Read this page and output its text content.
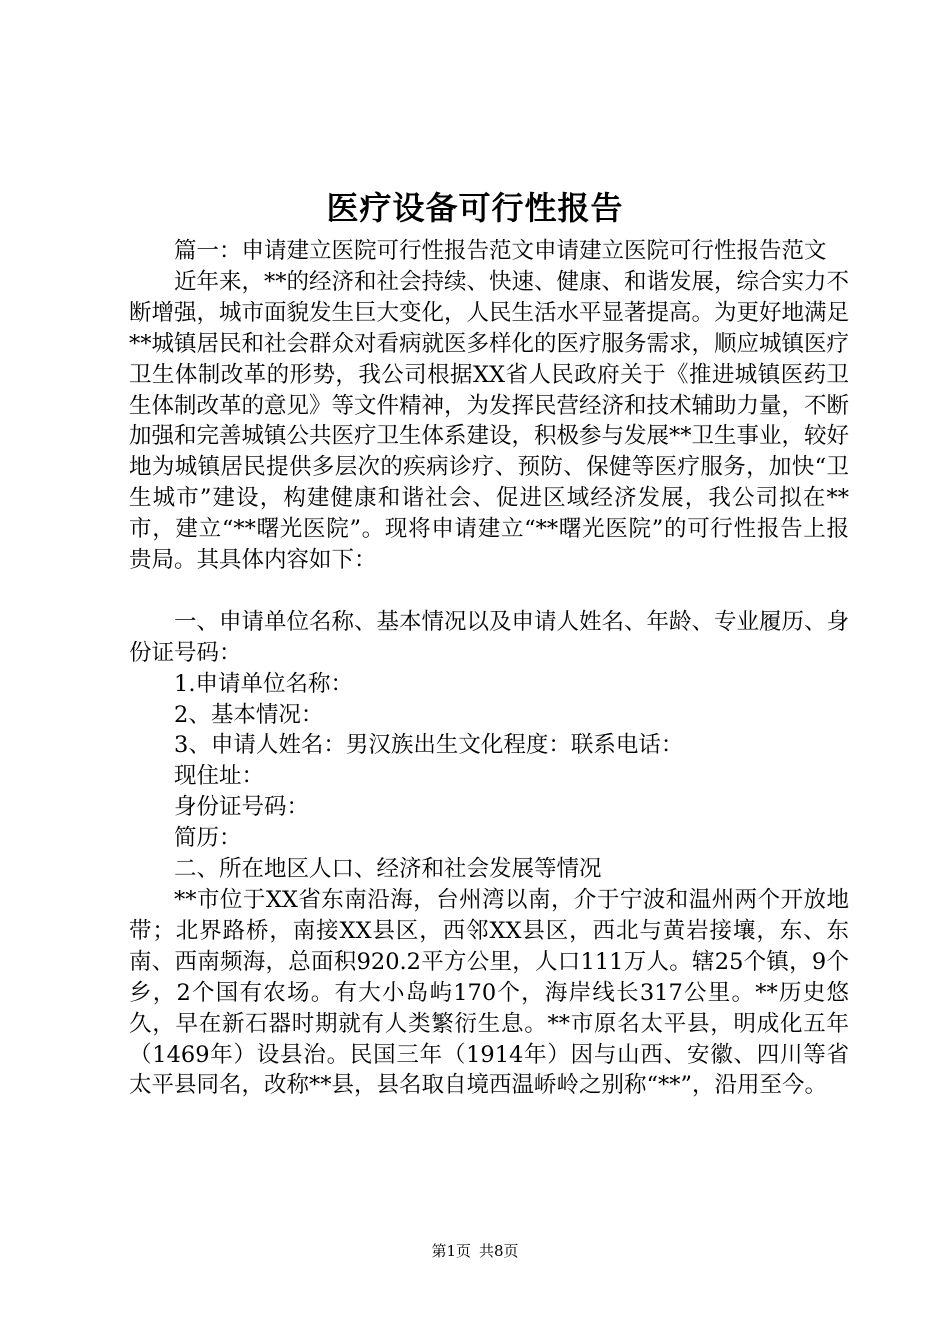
医疗设备可行性报告

篇一：申请建立医院可行性报告范文申请建立医院可行性报告范文

近年来，**的经济和社会持续、快速、健康、和谐发展，综合实力不断增强，城市面貌发生巨大变化，人民生活水平显著提高。为更好地满足**城镇居民和社会群众对看病就医多样化的医疗服务需求，顺应城镇医疗卫生体制改革的形势，我公司根据XX省人民政府关于《推进城镇医药卫生体制改革的意见》等文件精神，为发挥民营经济和技术辅助力量，不断加强和完善城镇公共医疗卫生体系建设，积极参与发展**卫生事业，较好地为城镇居民提供多层次的疾病诊疗、预防、保健等医疗服务，加快“卫生城市”建设，构建健康和谐社会、促进区域经济发展，我公司拟在**市，建立“**曙光医院”。现将申请建立“**曙光医院”的可行性报告上报贵局。其具体内容如下：

一、申请单位名称、基本情况以及申请人姓名、年龄、专业履历、身份证号码：

1.申请单位名称：

2、基本情况：

3、申请人姓名：男汉族出生文化程度：联系电话：

现住址：

身份证号码：

简历：

二、所在地区人口、经济和社会发展等情况

**市位于XX省东南沿海，台州湾以南，介于宁波和温州两个开放地带；北界路桥，南接XX县区，西邻XX县区，西北与黄岩接壤，东、东南、西南频海，总面积920.2平方公里，人口111万人。辖25个镇，9个乡，2个国有农场。有大小岛屿170个，海岸线长317公里。**历史悠久，早在新石器时期就有人类繁衍生息。**市原名太平县，明成化五年（1469年）设县治。民国三年（1914年）因与山西、安徽、四川等省太平县同名，改称**县，县名取自境西温峤岭之别称“**”，沿用至今。

第1页 共8页
